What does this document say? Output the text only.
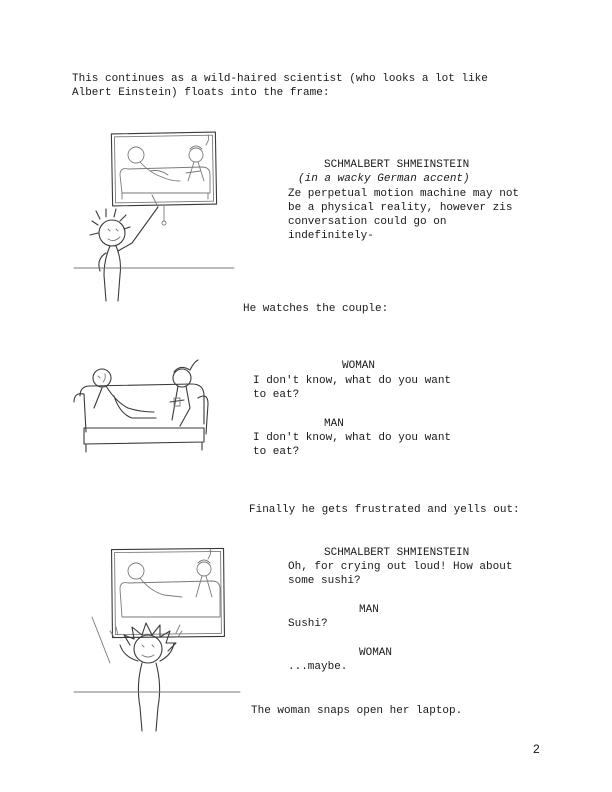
This continues as a wild-haired scientist (who looks a lot like
Albert Einstein) floats into the frame:
SCHMALBERT SHMEINSTEIN
(in a wacky German accent)
Ze perpetual motion machine may not
be a physical reality, however zis
conversation could go on
indefinitely-
He watches the couple:
WOMAN
I don't know, what do you want
to eat?
MAN
I don't know, what do you want
to eat?
Finally he gets frustrated and yells out:
SCHMALBERT SHMIENSTEIN
Oh, for crying out loud! How about
some sushi?
MAN
Sushi?
WOMAN
...maybe.
The woman snaps open her laptop.
2
